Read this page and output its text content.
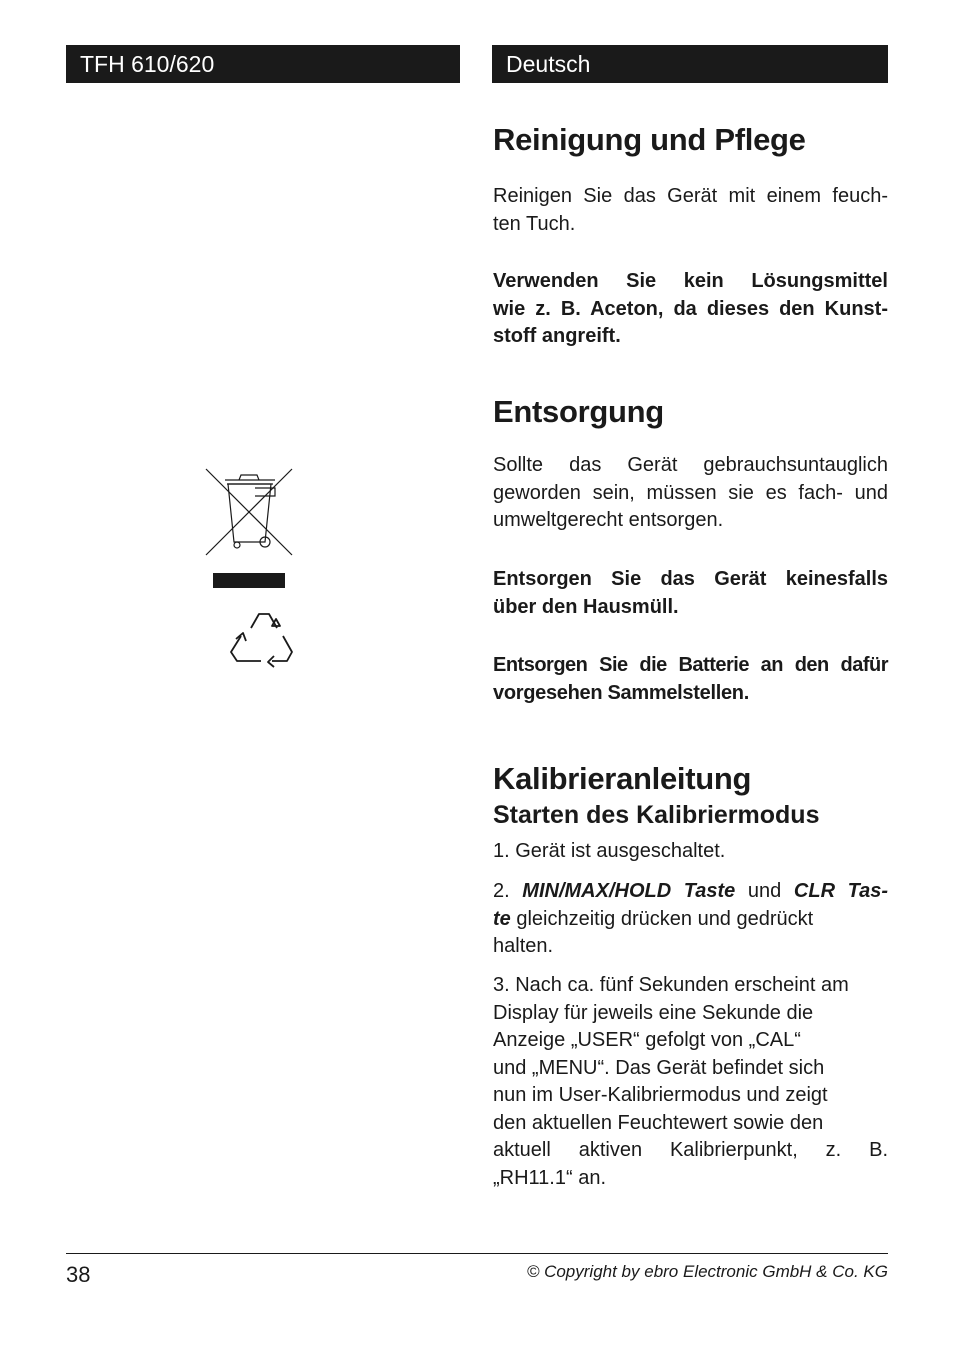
TFH 610/620	Deutsch
Reinigung und Pflege
Reinigen Sie das Gerät mit einem feuch-
ten Tuch.
Verwenden Sie kein Lösungsmittel
wie z. B. Aceton, da dieses den Kunst-
stoff angreift.
Entsorgung
Sollte das Gerät gebrauchsuntauglich
geworden sein, müssen sie es fach- und
umweltgerecht entsorgen.
Entsorgen Sie das Gerät keinesfalls
über den Hausmüll.
Entsorgen Sie die Batterie an den dafür
vorgesehen Sammelstellen.
Kalibrieranleitung
Starten des Kalibriermodus
1. Gerät ist ausgeschaltet.
2. MIN/MAX/HOLD Taste und CLR Tas-
te gleichzeitig drücken und gedrückt
halten.
3. Nach ca. fünf Sekunden erscheint am
Display für jeweils eine Sekunde die
Anzeige „USER“ gefolgt von „CAL“
und „MENU“. Das Gerät befindet sich
nun im User-Kalibriermodus und zeigt
den aktuellen Feuchtewert sowie den
aktuell aktiven Kalibrierpunkt, z. B.
„RH11.1“ an.
38	© Copyright by ebro Electronic GmbH & Co. KG
